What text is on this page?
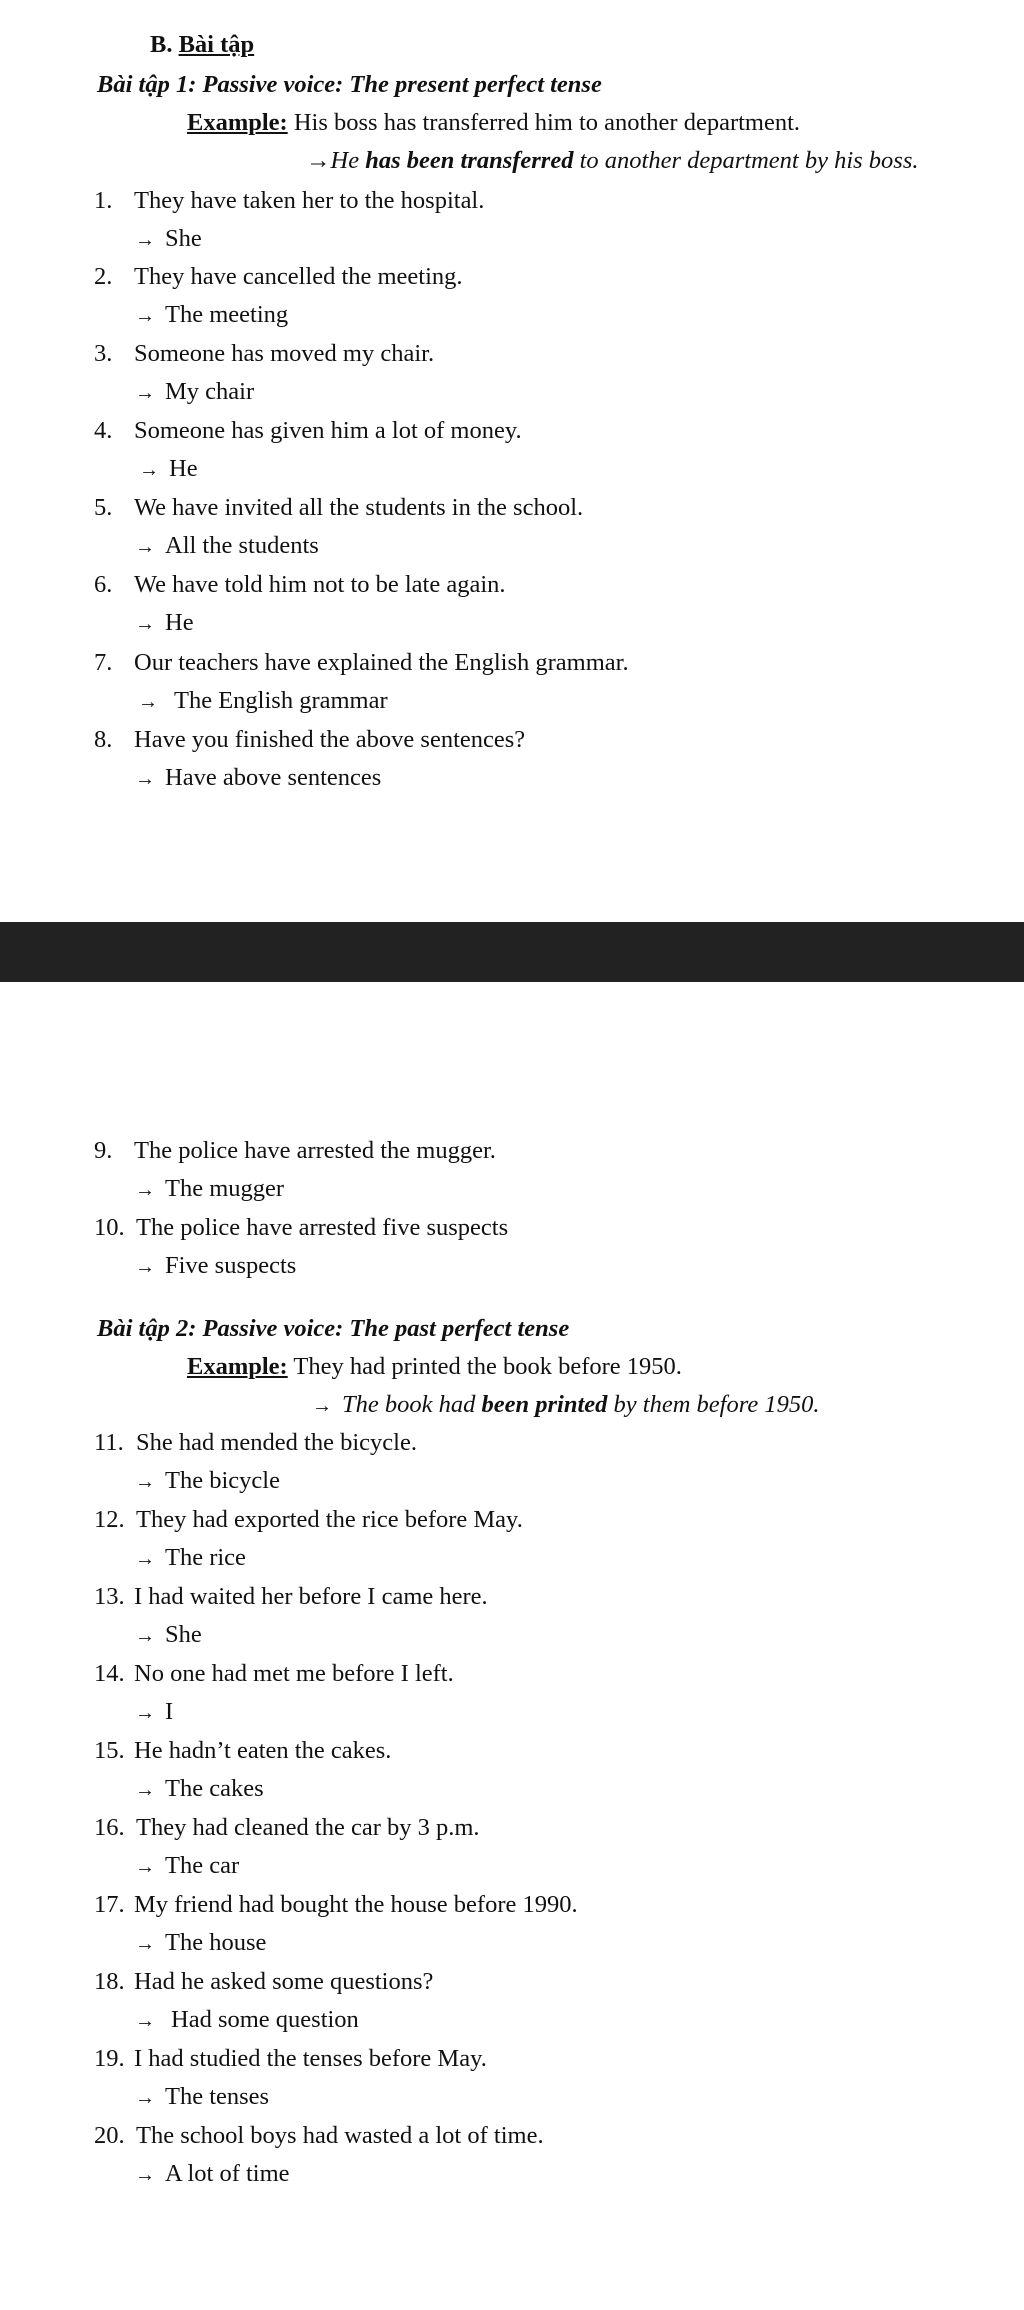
B. Bài tập
Bài tập 1: Passive voice: The present perfect tense
Example: His boss has transferred him to another department.
→He has been transferred to another department by his boss.
1. They have taken her to the hospital.
→ She
2. They have cancelled the meeting.
→ The meeting
3. Someone has moved my chair.
→ My chair
4. Someone has given him a lot of money.
→ He
5. We have invited all the students in the school.
→ All the students
6. We have told him not to be late again.
→ He
7. Our teachers have explained the English grammar.
→ The English grammar
8. Have you finished the above sentences?
→ Have above sentences
9. The police have arrested the mugger.
→ The mugger
10. The police have arrested five suspects
→ Five suspects
Bài tập 2: Passive voice: The past perfect tense
Example: They had printed the book before 1950.
→ The book had been printed by them before 1950.
11. She had mended the bicycle.
→ The bicycle
12. They had exported the rice before May.
→ The rice
13. I had waited her before I came here.
→ She
14. No one had met me before I left.
→ I
15. He hadn’t eaten the cakes.
→ The cakes
16. They had cleaned the car by 3 p.m.
→ The car
17. My friend had bought the house before 1990.
→ The house
18. Had he asked some questions?
→ Had some question
19. I had studied the tenses before May.
→ The tenses
20. The school boys had wasted a lot of time.
→ A lot of time
